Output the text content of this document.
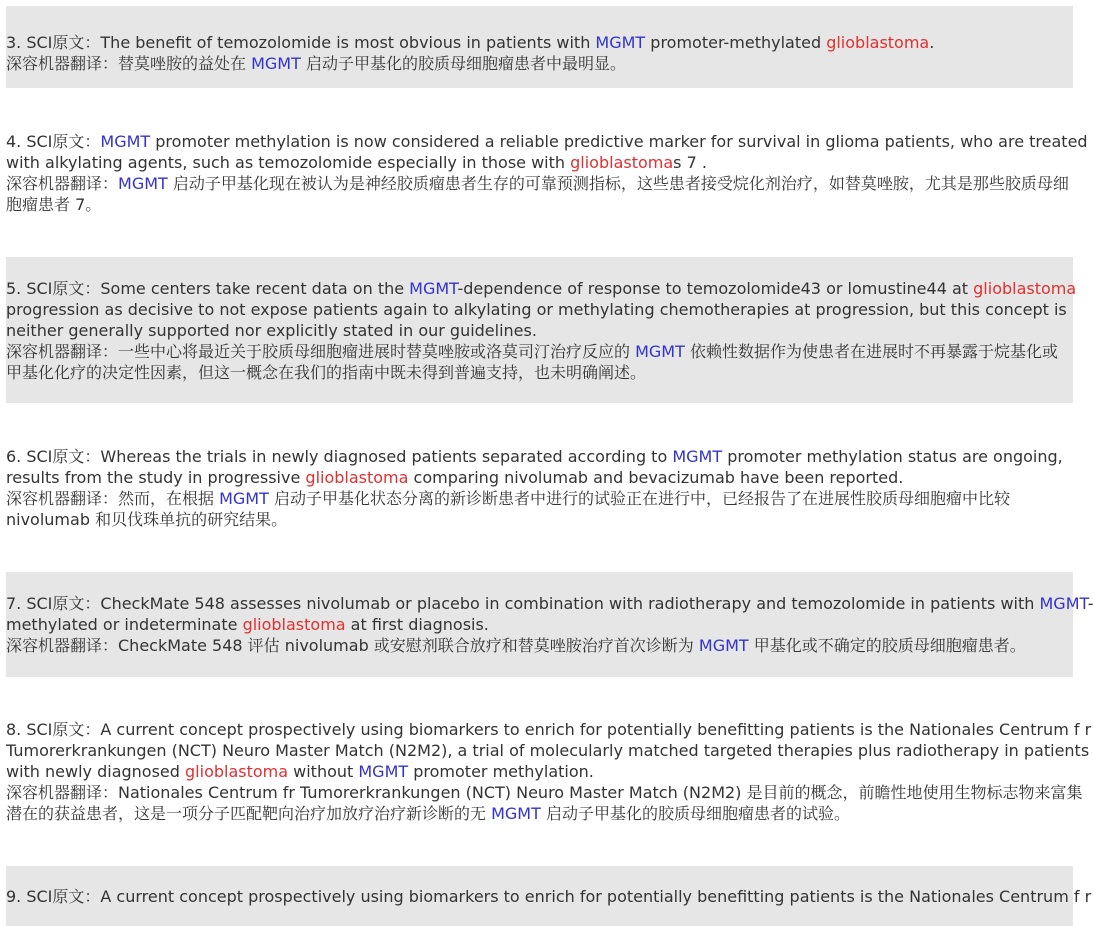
3. SCI原文：The benefit of temozolomide is most obvious in patients with MGMT promoter-methylated glioblastoma.
深容机器翻译：替莫唑胺的益处在 MGMT 启动子甲基化的胶质母细胞瘤患者中最明显。
4. SCI原文：MGMT promoter methylation is now considered a reliable predictive marker for survival in glioma patients, who are treated
with alkylating agents, such as temozolomide especially in those with glioblastomas 7 .
深容机器翻译：MGMT 启动子甲基化现在被认为是神经胶质瘤患者生存的可靠预测指标，这些患者接受烷化剂治疗，如替莫唑胺，尤其是那些胶质母细
胞瘤患者 7。
5. SCI原文：Some centers take recent data on the MGMT-dependence of response to temozolomide43 or lomustine44 at glioblastoma
progression as decisive to not expose patients again to alkylating or methylating chemotherapies at progression, but this concept is
neither generally supported nor explicitly stated in our guidelines.
深容机器翻译：一些中心将最近关于胶质母细胞瘤进展时替莫唑胺或洛莫司汀治疗反应的 MGMT 依赖性数据作为使患者在进展时不再暴露于烷基化或
甲基化化疗的决定性因素，但这一概念在我们的指南中既未得到普遍支持，也未明确阐述。
6. SCI原文：Whereas the trials in newly diagnosed patients separated according to MGMT promoter methylation status are ongoing,
results from the study in progressive glioblastoma comparing nivolumab and bevacizumab have been reported.
深容机器翻译：然而，在根据 MGMT 启动子甲基化状态分离的新诊断患者中进行的试验正在进行中，已经报告了在进展性胶质母细胞瘤中比较
nivolumab 和贝伐珠单抗的研究结果。
7. SCI原文：CheckMate 548 assesses nivolumab or placebo in combination with radiotherapy and temozolomide in patients with MGMT-
methylated or indeterminate glioblastoma at first diagnosis.
深容机器翻译：CheckMate 548 评估 nivolumab 或安慰剂联合放疗和替莫唑胺治疗首次诊断为 MGMT 甲基化或不确定的胶质母细胞瘤患者。
8. SCI原文：A current concept prospectively using biomarkers to enrich for potentially benefitting patients is the Nationales Centrum f r
Tumorerkrankungen (NCT) Neuro Master Match (N2M2), a trial of molecularly matched targeted therapies plus radiotherapy in patients
with newly diagnosed glioblastoma without MGMT promoter methylation.
深容机器翻译：Nationales Centrum fr Tumorerkrankungen (NCT) Neuro Master Match (N2M2) 是目前的概念，前瞻性地使用生物标志物来富集
潜在的获益患者，这是一项分子匹配靶向治疗加放疗治疗新诊断的无 MGMT 启动子甲基化的胶质母细胞瘤患者的试验。
9. SCI原文：A current concept prospectively using biomarkers to enrich for potentially benefitting patients is the Nationales Centrum f r
